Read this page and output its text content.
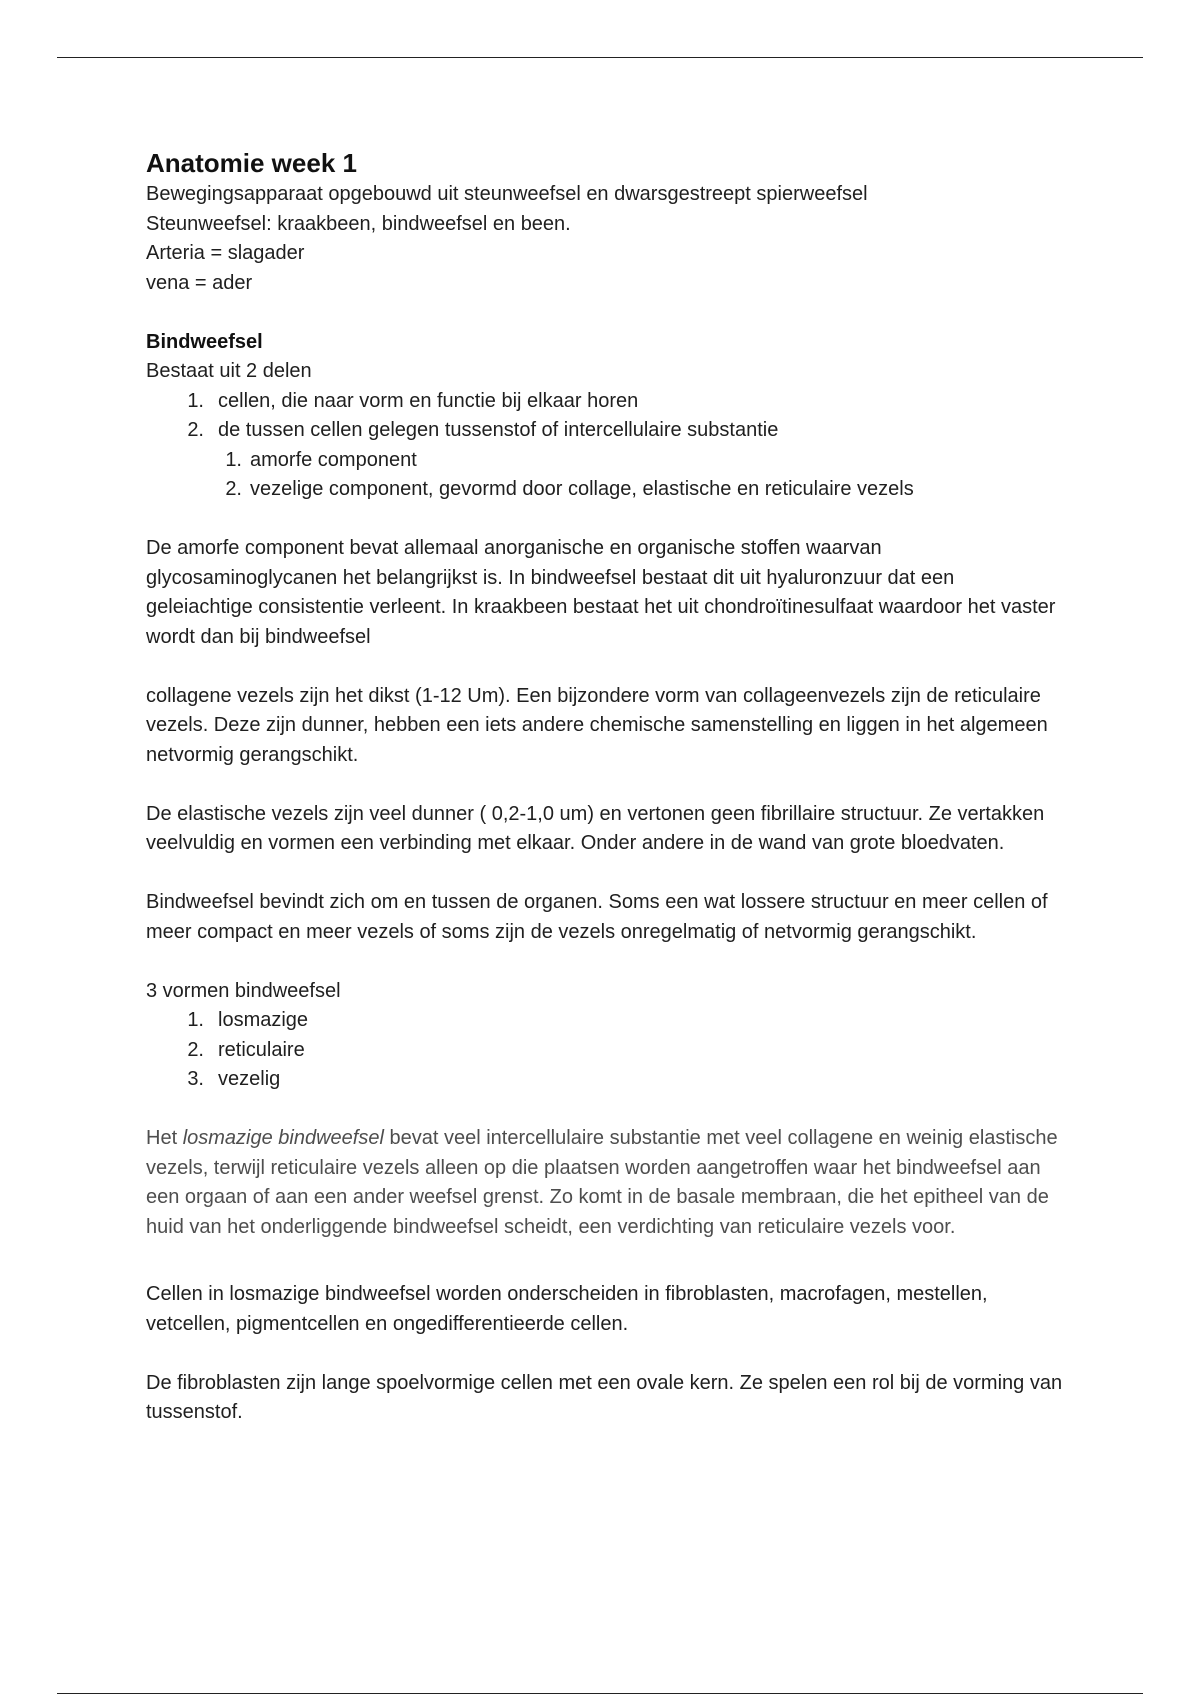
Anatomie week 1

Bewegingsapparaat opgebouwd uit steunweefsel en dwarsgestreept spierweefsel

Steunweefsel: kraakbeen, bindweefsel en been.

Arteria = slagader

vena = ader

Bindweefsel

Bestaat uit 2 delen

1. cellen, die naar vorm en functie bij elkaar horen
2. de tussen cellen gelegen tussenstof of intercellulaire substantie
1. amorfe component
2. vezelige component, gevormd door collage, elastische en reticulaire vezels

De amorfe component bevat allemaal anorganische en organische stoffen waarvan glycosaminoglycanen het belangrijkst is. In bindweefsel bestaat dit uit hyaluronzuur dat een geleiachtige consistentie verleent. In kraakbeen bestaat het uit chondroïtinesulfaat waardoor het vaster wordt dan bij bindweefsel

collagene vezels zijn het dikst (1-12 Um). Een bijzondere vorm van collageenvezels zijn de reticulaire vezels. Deze zijn dunner, hebben een iets andere chemische samenstelling en liggen in het algemeen netvormig gerangschikt.

De elastische vezels zijn veel dunner ( 0,2-1,0 um) en vertonen geen fibrillaire structuur. Ze vertakken veelvuldig en vormen een verbinding met elkaar. Onder andere in de wand van grote bloedvaten.

Bindweefsel bevindt zich om en tussen de organen. Soms een wat lossere structuur en meer cellen of meer compact en meer vezels of soms zijn de vezels onregelmatig of netvormig gerangschikt.

3 vormen bindweefsel

1. losmazige
2. reticulaire
3. vezelig

Het losmazige bindweefsel bevat veel intercellulaire substantie met veel collagene en weinig elastische vezels, terwijl reticulaire vezels alleen op die plaatsen worden aangetroffen waar het bindweefsel aan een orgaan of aan een ander weefsel grenst. Zo komt in de basale membraan, die het epitheel van de huid van het onderliggende bindweefsel scheidt, een verdichting van reticulaire vezels voor.

Cellen in losmazige bindweefsel worden onderscheiden in fibroblasten, macrofagen, mestellen, vetcellen, pigmentcellen en ongedifferentieerde cellen.

De fibroblasten zijn lange spoelvormige cellen met een ovale kern. Ze spelen een rol bij de vorming van tussenstof.
